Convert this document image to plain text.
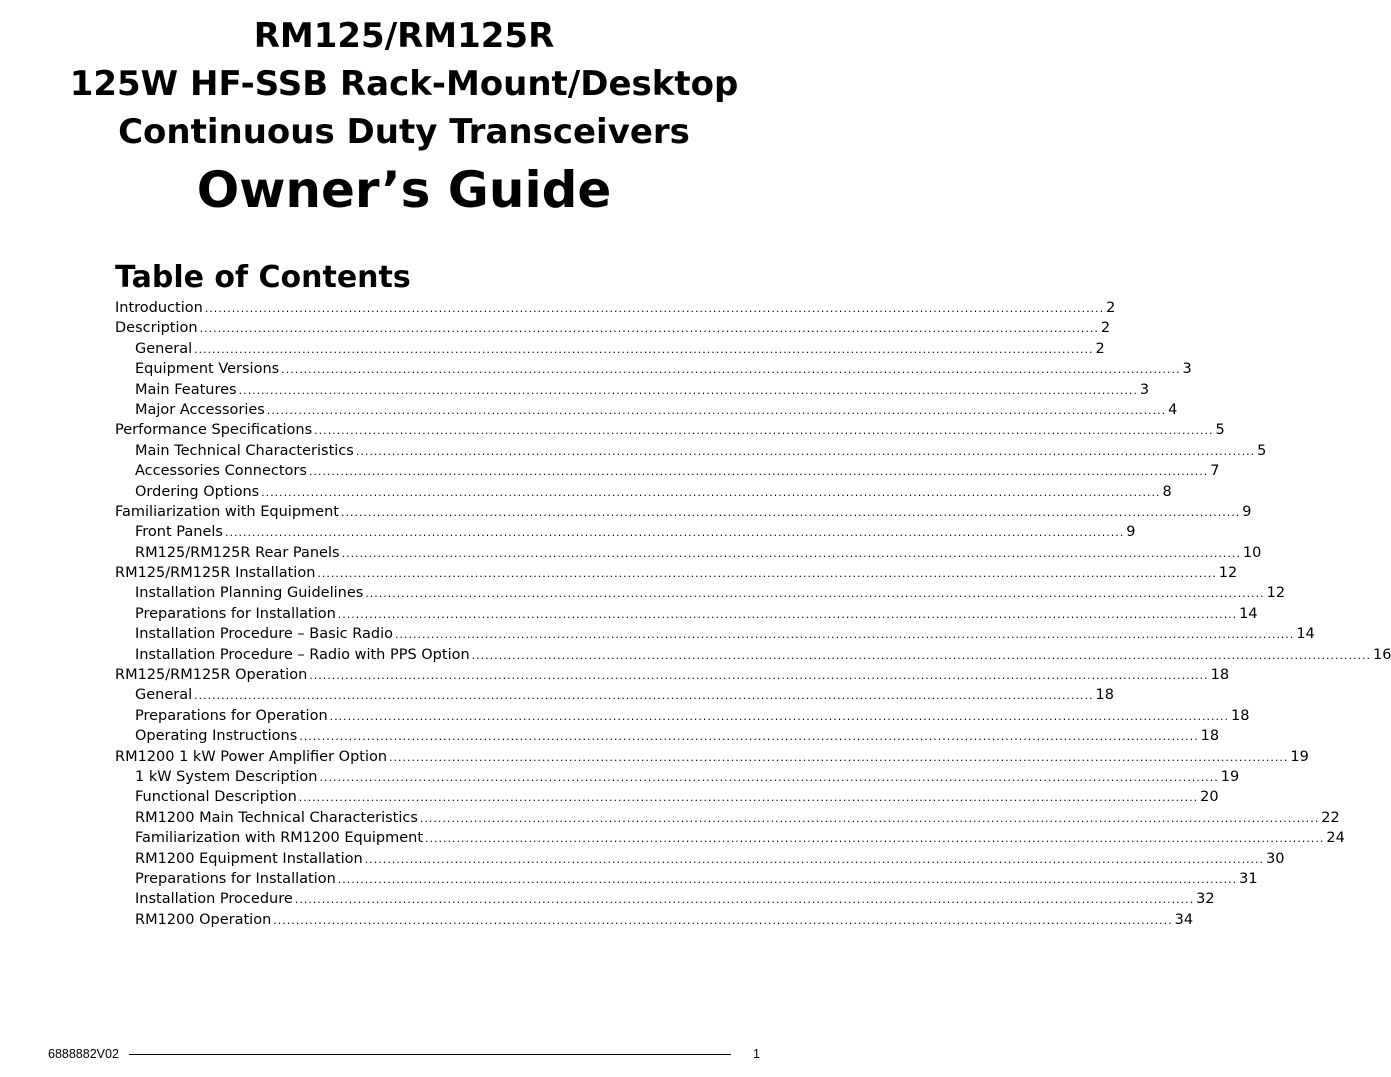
RM125/RM125R
125W HF-SSB Rack-Mount/Desktop
Continuous Duty Transceivers
Owner’s Guide
Table of Contents
Introduction ........................................................................................................................................................................................................ 2
Description ........................................................................................................................................................................................................ 2
General ........................................................................................................................................................................................................ 2
Equipment Versions ........................................................................................................................................................................................................ 3
Main Features ........................................................................................................................................................................................................ 3
Major Accessories ........................................................................................................................................................................................................ 4
Performance Specifications ........................................................................................................................................................................................................ 5
Main Technical Characteristics ........................................................................................................................................................................................................ 5
Accessories Connectors ........................................................................................................................................................................................................ 7
Ordering Options ........................................................................................................................................................................................................ 8
Familiarization with Equipment ........................................................................................................................................................................................................ 9
Front Panels ........................................................................................................................................................................................................ 9
RM125/RM125R Rear Panels ........................................................................................................................................................................................................ 10
RM125/RM125R Installation ........................................................................................................................................................................................................ 12
Installation Planning Guidelines ........................................................................................................................................................................................................ 12
Preparations for Installation ........................................................................................................................................................................................................ 14
Installation Procedure – Basic Radio ........................................................................................................................................................................................................ 14
Installation Procedure – Radio with PPS Option ........................................................................................................................................................................................................ 16
RM125/RM125R Operation ........................................................................................................................................................................................................ 18
General ........................................................................................................................................................................................................ 18
Preparations for Operation ........................................................................................................................................................................................................ 18
Operating Instructions ........................................................................................................................................................................................................ 18
RM1200 1 kW Power Amplifier Option ........................................................................................................................................................................................................ 19
1 kW System Description ........................................................................................................................................................................................................ 19
Functional Description ........................................................................................................................................................................................................ 20
RM1200 Main Technical Characteristics ........................................................................................................................................................................................................ 22
Familiarization with RM1200 Equipment ........................................................................................................................................................................................................ 24
RM1200 Equipment Installation ........................................................................................................................................................................................................ 30
Preparations for Installation ........................................................................................................................................................................................................ 31
Installation Procedure ........................................................................................................................................................................................................ 32
RM1200 Operation ........................................................................................................................................................................................................ 34
6888882V02	1
